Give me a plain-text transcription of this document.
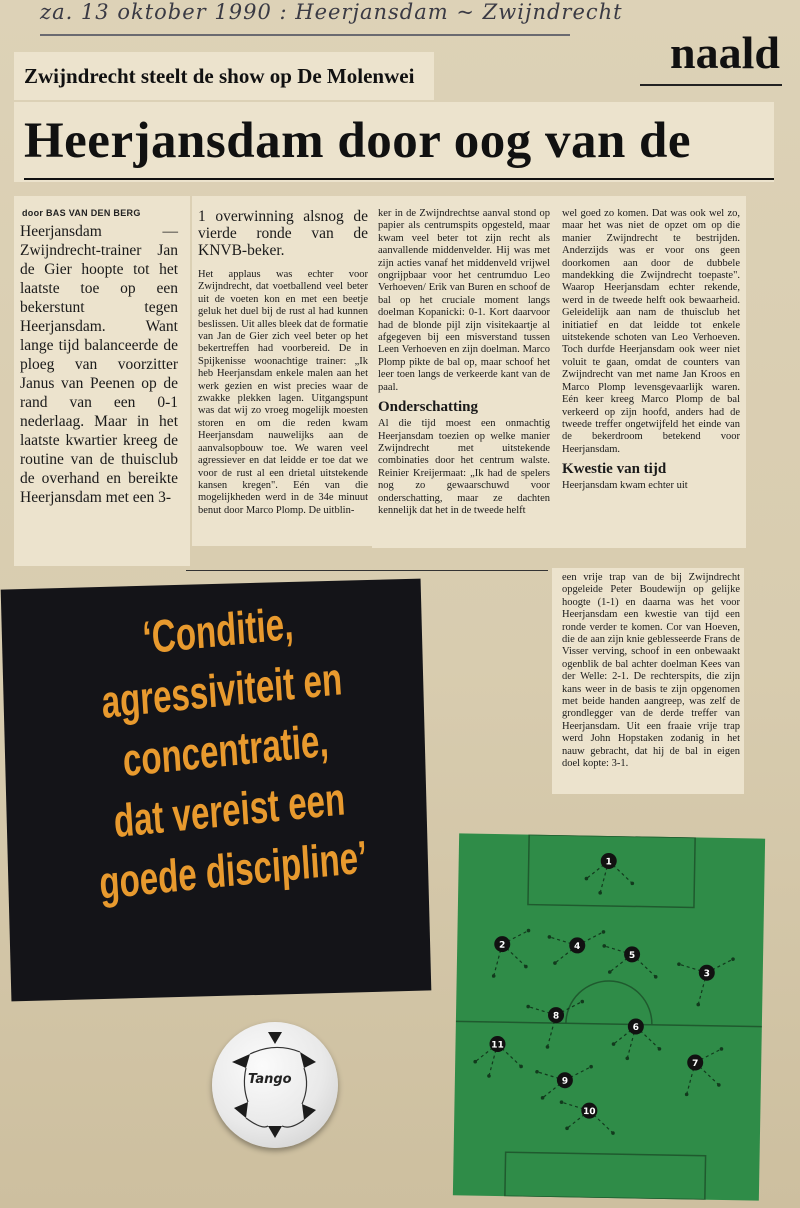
za. 13 oktober 1990 : Heerjansdam ~ Zwijndrecht
Zwijndrecht steelt de show op De Molenwei	naald
Heerjansdam door oog van de
door BAS VAN DEN BERG
Heerjansdam — Zwijndrecht-trainer Jan de Gier hoopte tot het laatste toe op een bekerstunt tegen Heerjansdam. Want lange tijd balanceerde de ploeg van voorzitter Janus van Peenen op de rand van een 0-1 nederlaag. Maar in het laatste kwartier kreeg de routine van de thuisclub de overhand en bereikte Heerjansdam met een 3-
1 overwinning alsnog de vierde ronde van de KNVB-beker.
Het applaus was echter voor Zwijndrecht, dat voetballend veel beter uit de voeten kon en met een beetje geluk het duel bij de rust al had kunnen beslissen. Uit alles bleek dat de formatie van Jan de Gier zich veel beter op het bekertreffen had voorbereid. De in Spijkenisse woonachtige trainer: „Ik heb Heerjansdam enkele malen aan het werk gezien en wist precies waar de zwakke plekken lagen. Uitgangspunt was dat wij zo vroeg mogelijk moesten storen en om die reden kwam Heerjansdam nauwelijks aan de aanvalsopbouw toe. We waren veel agressiever en dat leidde er toe dat we voor de rust al een drietal uitstekende kansen kregen". Eén van die mogelijkheden werd in de 34e minuut benut door Marco Plomp. De uitblin-
ker in de Zwijndrechtse aanval stond op papier als centrumspits opgesteld, maar kwam veel beter tot zijn recht als aanvallende middenvelder. Hij was met zijn acties vanaf het middenveld vrijwel ongrijpbaar voor het centrumduo Leo Verhoeven/ Erik van Buren en schoof de bal op het cruciale moment langs doelman Kopanicki: 0-1. Kort daarvoor had de blonde pijl zijn visitekaartje al afgegeven bij een misverstand tussen Leen Verhoeven en zijn doelman. Marco Plomp pikte de bal op, maar schoof het leer toen langs de verkeerde kant van de paal.
Onderschatting
Al die tijd moest een onmachtig Heerjansdam toezien op welke manier Zwijndrecht met uitstekende combinaties door het centrum walste. Reinier Kreijermaat: „Ik had de spelers nog zo gewaarschuwd voor onderschatting, maar ze dachten kennelijk dat het in de tweede helft
wel goed zo komen. Dat was ook wel zo, maar het was niet de opzet om op die manier Zwijndrecht te bestrijden. Anderzijds was er voor ons geen doorkomen aan door de dubbele mandekking die Zwijndrecht toepaste". Waarop Heerjansdam echter rekende, werd in de tweede helft ook bewaarheid. Geleidelijk aan nam de thuisclub het initiatief en dat leidde tot enkele uitstekende schoten van Leo Verhoeven. Toch durfde Heerjansdam ook weer niet voluit te gaan, omdat de counters van Zwijndrecht van met name Jan Kroos en Marco Plomp levensgevaarlijk waren. Eén keer kreeg Marco Plomp de bal verkeerd op zijn hoofd, anders had de tweede treffer ongetwijfeld het einde van de bekerdroom betekend voor Heerjansdam.
Kwestie van tijd
Heerjansdam kwam echter uit
een vrije trap van de bij Zwijndrecht opgeleide Peter Boudewijn op gelijke hoogte (1-1) en daarna was het voor Heerjansdam een kwestie van tijd een ronde verder te komen. Cor van Hoeven, die de aan zijn knie geblesseerde Frans de Visser verving, schoof in een onbewaakt ogenblik de bal achter doelman Kees van der Welle: 2-1. De rechterspits, die zijn kans weer in de basis te zijn opgenomen met beide handen aangreep, was zelf de grondlegger van de derde treffer van Heerjansdam. Uit een fraaie vrije trap werd John Hopstaken zodanig in het nauw gebracht, dat hij de bal in eigen doel kopte: 3-1.
‘Conditie,
agressiviteit en
concentratie,
dat vereist een
goede discipline’
Tango
1
2
3
4
5
6
7
8
9
10
11
